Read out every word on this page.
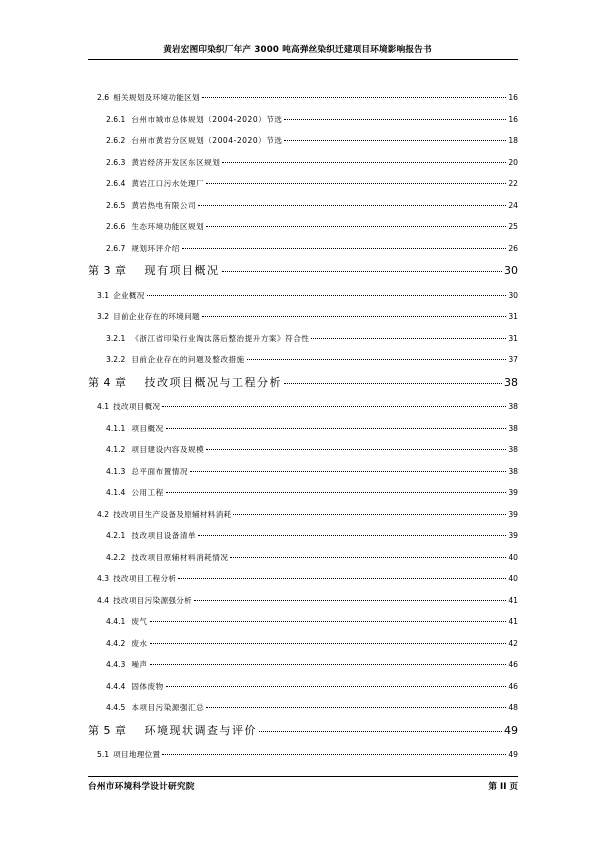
黄岩宏图印染织厂年产 3000 吨高弹丝染织迁建项目环境影响报告书
2.6 相关规划及环境功能区划	16
2.6.1 台州市城市总体规划（2004-2020）节选	16
2.6.2 台州市黄岩分区规划（2004-2020）节选	18
2.6.3 黄岩经济开发区东区规划	20
2.6.4 黄岩江口污水处理厂	22
2.6.5 黄岩热电有限公司	24
2.6.6 生态环境功能区规划	25
2.6.7 规划环评介绍	26
第 3 章 现有项目概况	30
3.1 企业概况	30
3.2 目前企业存在的环境问题	31
3.2.1 《浙江省印染行业淘汰落后整治提升方案》符合性	31
3.2.2 目前企业存在的问题及整改措施	37
第 4 章 技改项目概况与工程分析	38
4.1 技改项目概况	38
4.1.1 项目概况	38
4.1.2 项目建设内容及规模	38
4.1.3 总平面布置情况	38
4.1.4 公用工程	39
4.2 技改项目生产设备及原辅材料消耗	39
4.2.1 技改项目设备清单	39
4.2.2 技改项目原辅材料消耗情况	40
4.3 技改项目工程分析	40
4.4 技改项目污染源强分析	41
4.4.1 废气	41
4.4.2 废水	42
4.4.3 噪声	46
4.4.4 固体废物	46
4.4.5 本项目污染源强汇总	48
第 5 章 环境现状调查与评价	49
5.1 项目地理位置	49
台州市环境科学设计研究院	第 II 页
